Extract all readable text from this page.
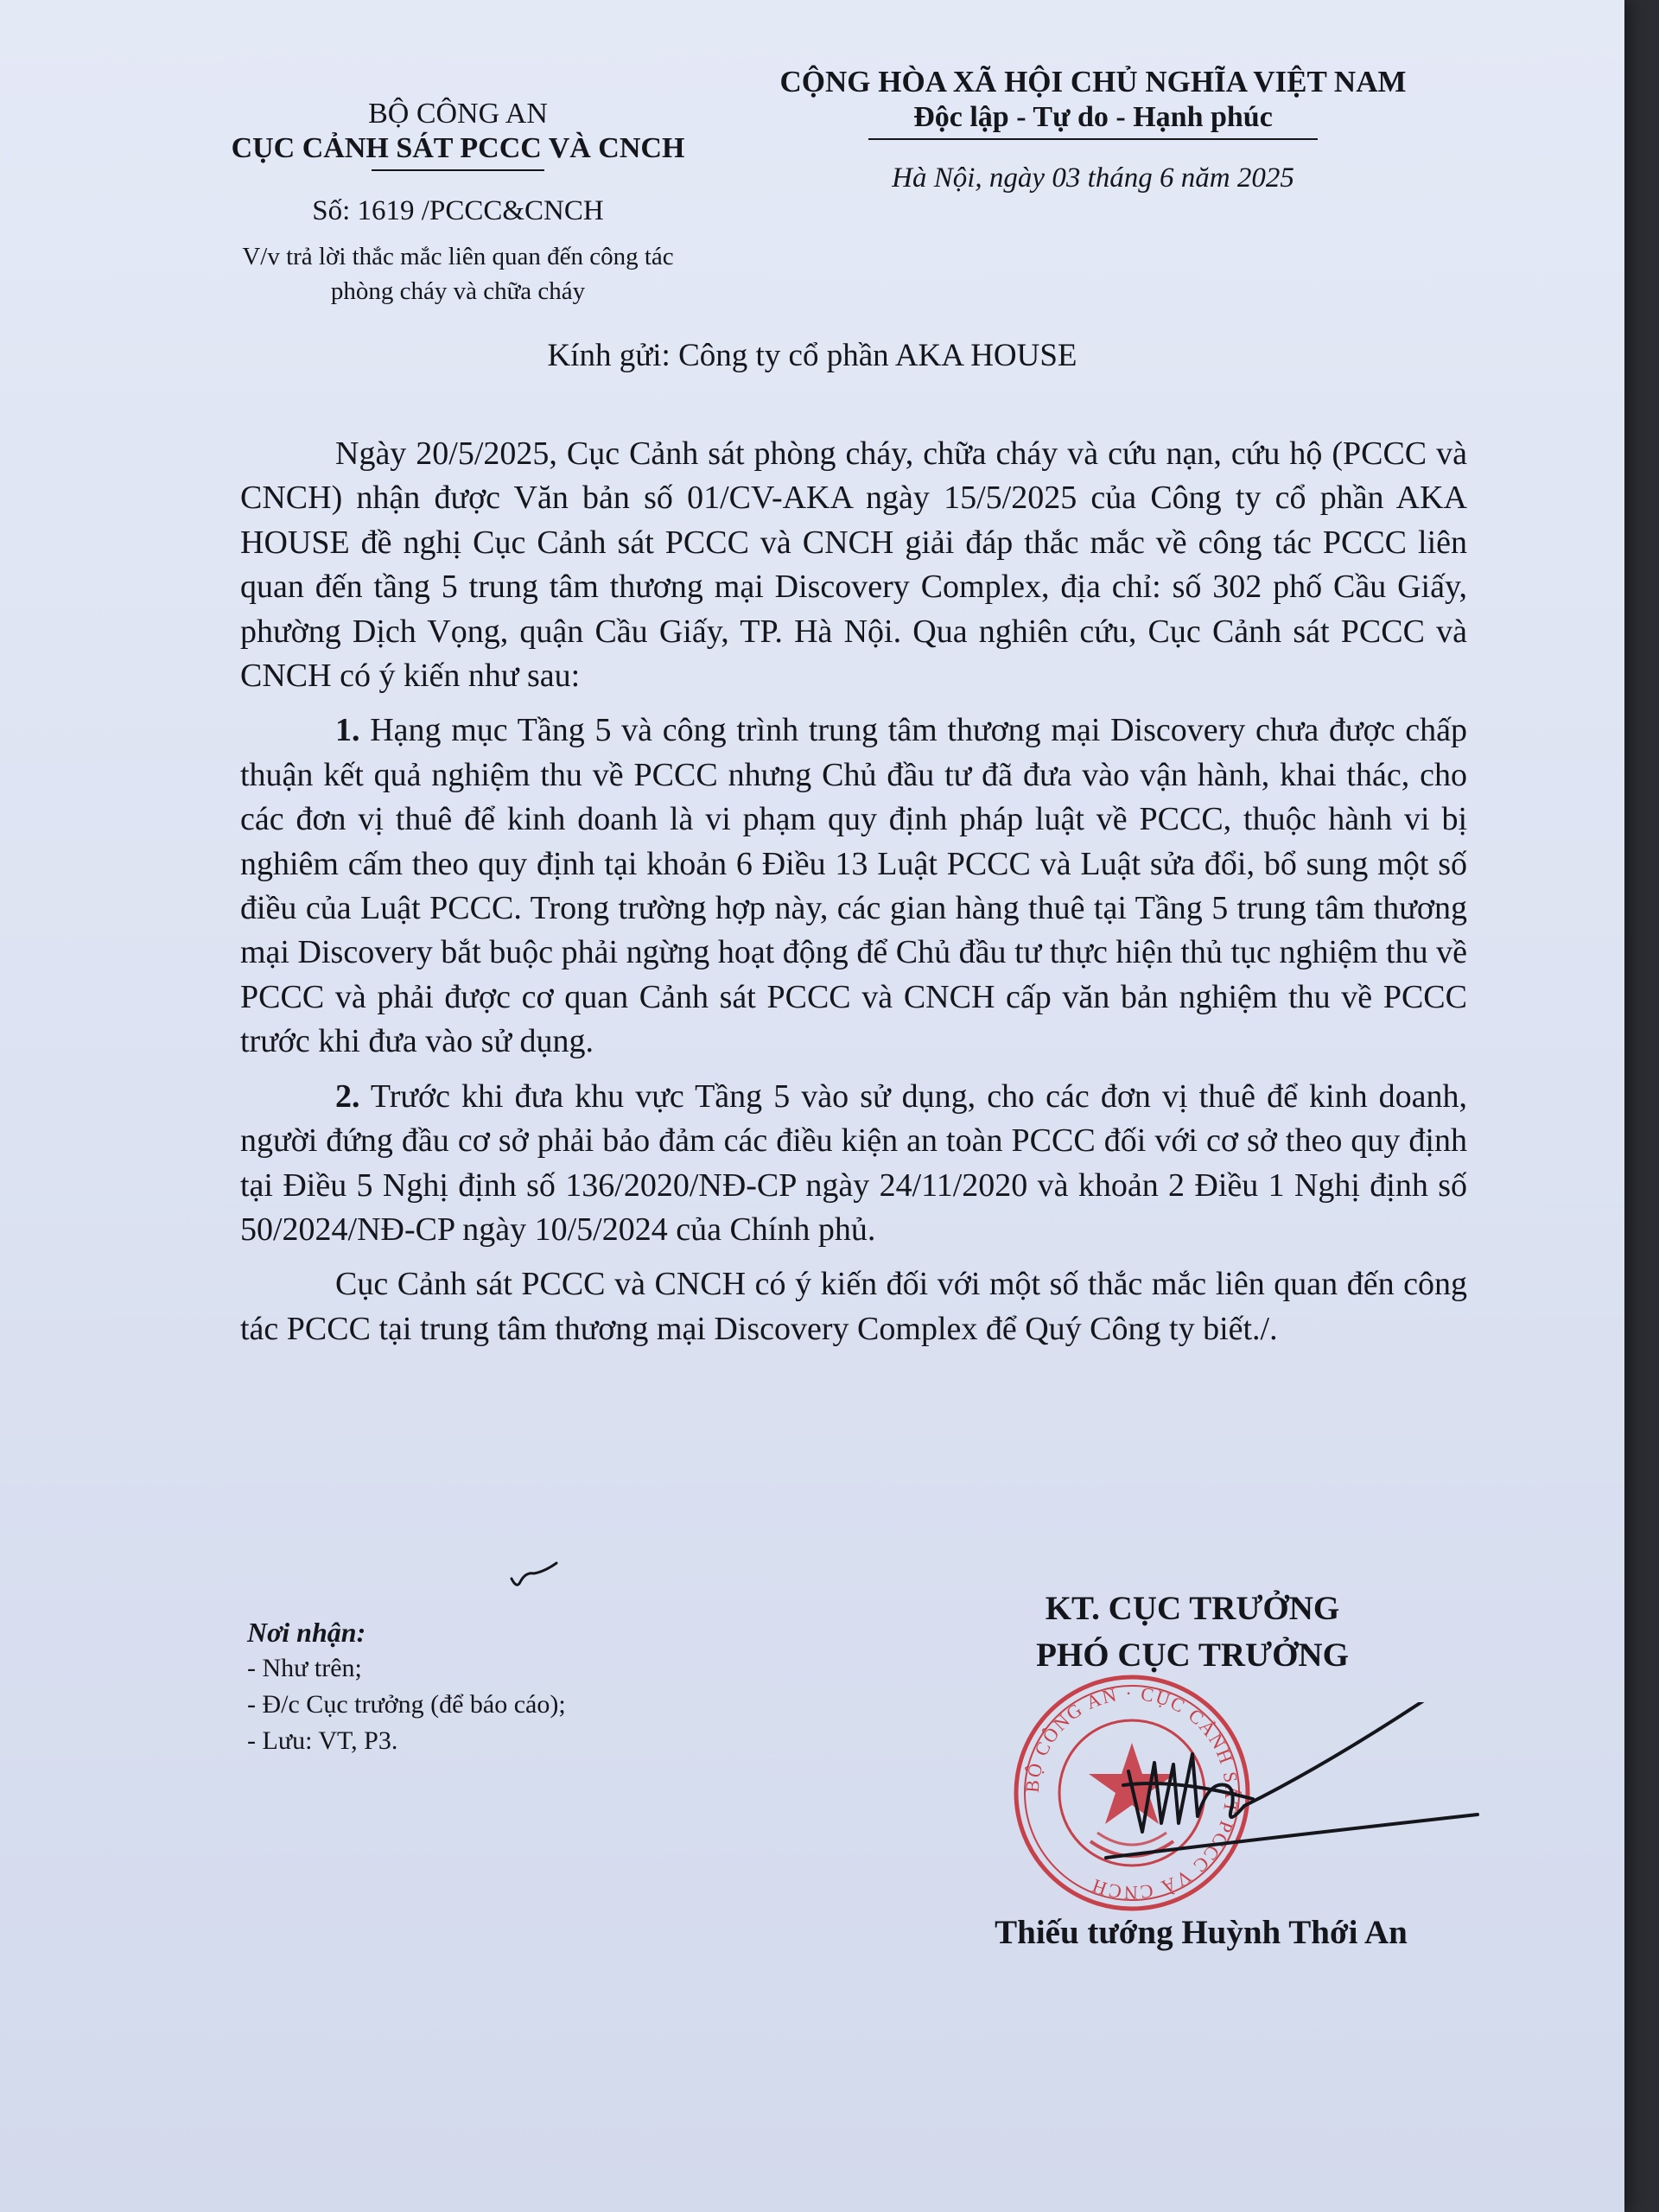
BỘ CÔNG AN
CỤC CẢNH SÁT PCCC VÀ CNCH
Số: 1619 /PCCC&CNCH
V/v trả lời thắc mắc liên quan đến công tác
phòng cháy và chữa cháy
CỘNG HÒA XÃ HỘI CHỦ NGHĨA VIỆT NAM
Độc lập - Tự do - Hạnh phúc
Hà Nội, ngày 03 tháng 6 năm 2025
Kính gửi: Công ty cổ phần AKA HOUSE

Ngày 20/5/2025, Cục Cảnh sát phòng cháy, chữa cháy và cứu nạn, cứu hộ (PCCC và CNCH) nhận được Văn bản số 01/CV-AKA ngày 15/5/2025 của Công ty cổ phần AKA HOUSE đề nghị Cục Cảnh sát PCCC và CNCH giải đáp thắc mắc về công tác PCCC liên quan đến tầng 5 trung tâm thương mại Discovery Complex, địa chỉ: số 302 phố Cầu Giấy, phường Dịch Vọng, quận Cầu Giấy, TP. Hà Nội. Qua nghiên cứu, Cục Cảnh sát PCCC và CNCH có ý kiến như sau:

1. Hạng mục Tầng 5 và công trình trung tâm thương mại Discovery chưa được chấp thuận kết quả nghiệm thu về PCCC nhưng Chủ đầu tư đã đưa vào vận hành, khai thác, cho các đơn vị thuê để kinh doanh là vi phạm quy định pháp luật về PCCC, thuộc hành vi bị nghiêm cấm theo quy định tại khoản 6 Điều 13 Luật PCCC và Luật sửa đổi, bổ sung một số điều của Luật PCCC. Trong trường hợp này, các gian hàng thuê tại Tầng 5 trung tâm thương mại Discovery bắt buộc phải ngừng hoạt động để Chủ đầu tư thực hiện thủ tục nghiệm thu về PCCC và phải được cơ quan Cảnh sát PCCC và CNCH cấp văn bản nghiệm thu về PCCC trước khi đưa vào sử dụng.

2. Trước khi đưa khu vực Tầng 5 vào sử dụng, cho các đơn vị thuê để kinh doanh, người đứng đầu cơ sở phải bảo đảm các điều kiện an toàn PCCC đối với cơ sở theo quy định tại Điều 5 Nghị định số 136/2020/NĐ-CP ngày 24/11/2020 và khoản 2 Điều 1 Nghị định số 50/2024/NĐ-CP ngày 10/5/2024 của Chính phủ.

Cục Cảnh sát PCCC và CNCH có ý kiến đối với một số thắc mắc liên quan đến công tác PCCC tại trung tâm thương mại Discovery Complex để Quý Công ty biết./.

Nơi nhận:
- Như trên;
- Đ/c Cục trưởng (để báo cáo);
- Lưu: VT, P3.
KT. CỤC TRƯỞNG
PHÓ CỤC TRƯỞNG
BỘ CÔNG AN · CỤC CẢNH SÁT PCCC VÀ CNCH
Thiếu tướng Huỳnh Thới An
